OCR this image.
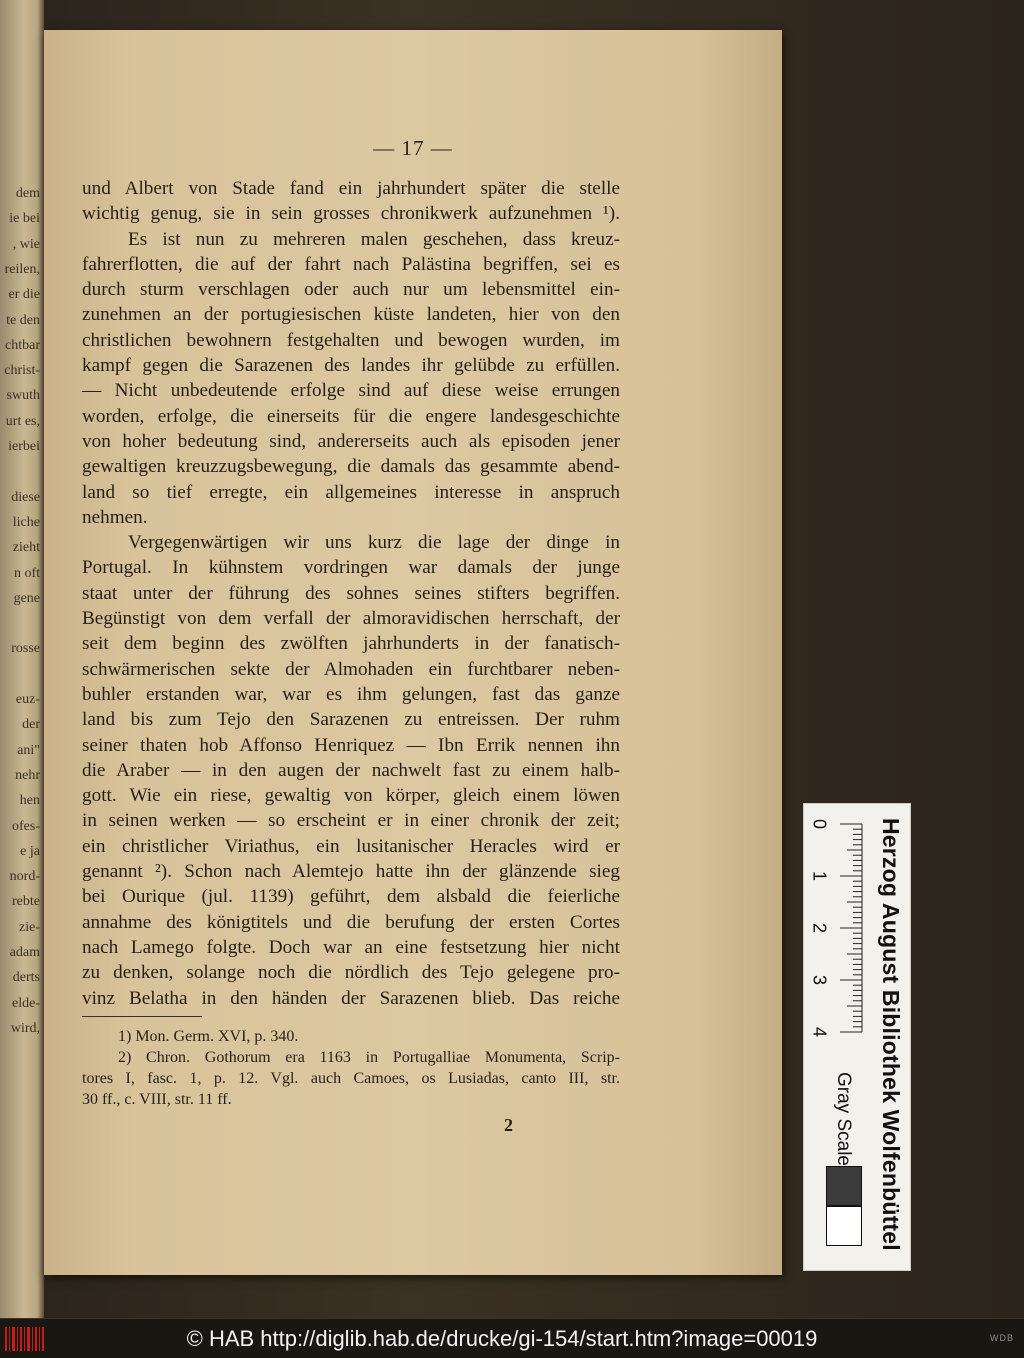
dem
ie bei
, wie
reilen,
er die
te den
chtbar
christ-
swuth
urt es,
ierbei
diese
liche
zieht
n oft
gene
rosse
euz-
der
ani"
nehr
hen
ofes-
e ja
nord-
rebte
zie-
adam
derts
elde-
wird,
— 17 —
und Albert von Stade fand ein jahrhundert später die stelle
wichtig genug, sie in sein grosses chronikwerk aufzunehmen ¹).
Es ist nun zu mehreren malen geschehen, dass kreuz-
fahrerflotten, die auf der fahrt nach Palästina begriffen, sei es
durch sturm verschlagen oder auch nur um lebensmittel ein-
zunehmen an der portugiesischen küste landeten, hier von den
christlichen bewohnern festgehalten und bewogen wurden, im
kampf gegen die Sarazenen des landes ihr gelübde zu erfüllen.
— Nicht unbedeutende erfolge sind auf diese weise errungen
worden, erfolge, die einerseits für die engere landesgeschichte
von hoher bedeutung sind, andererseits auch als episoden jener
gewaltigen kreuzzugsbewegung, die damals das gesammte abend-
land so tief erregte, ein allgemeines interesse in anspruch
nehmen.
Vergegenwärtigen wir uns kurz die lage der dinge in
Portugal. In kühnstem vordringen war damals der junge
staat unter der führung des sohnes seines stifters begriffen.
Begünstigt von dem verfall der almoravidischen herrschaft, der
seit dem beginn des zwölften jahrhunderts in der fanatisch-
schwärmerischen sekte der Almohaden ein furchtbarer neben-
buhler erstanden war, war es ihm gelungen, fast das ganze
land bis zum Tejo den Sarazenen zu entreissen. Der ruhm
seiner thaten hob Affonso Henriquez — Ibn Errik nennen ihn
die Araber — in den augen der nachwelt fast zu einem halb-
gott. Wie ein riese, gewaltig von körper, gleich einem löwen
in seinen werken — so erscheint er in einer chronik der zeit;
ein christlicher Viriathus, ein lusitanischer Heracles wird er
genannt ²). Schon nach Alemtejo hatte ihn der glänzende sieg
bei Ourique (jul. 1139) geführt, dem alsbald die feierliche
annahme des königtitels und die berufung der ersten Cortes
nach Lamego folgte. Doch war an eine festsetzung hier nicht
zu denken, solange noch die nördlich des Tejo gelegene pro-
vinz Belatha in den händen der Sarazenen blieb. Das reiche
1) Mon. Germ. XVI, p. 340.
2) Chron. Gothorum era 1163 in Portugalliae Monumenta, Scrip-
tores I, fasc. 1, p. 12. Vgl. auch Camoes, os Lusiadas, canto III, str.
30 ff., c. VIII, str. 11 ff.
2
0
1
2
3
4 Herzog August Bibliothek Wolfenbüttel
Gray Scale
© HAB http://diglib.hab.de/drucke/gi-154/start.htm?image=00019	WDB
